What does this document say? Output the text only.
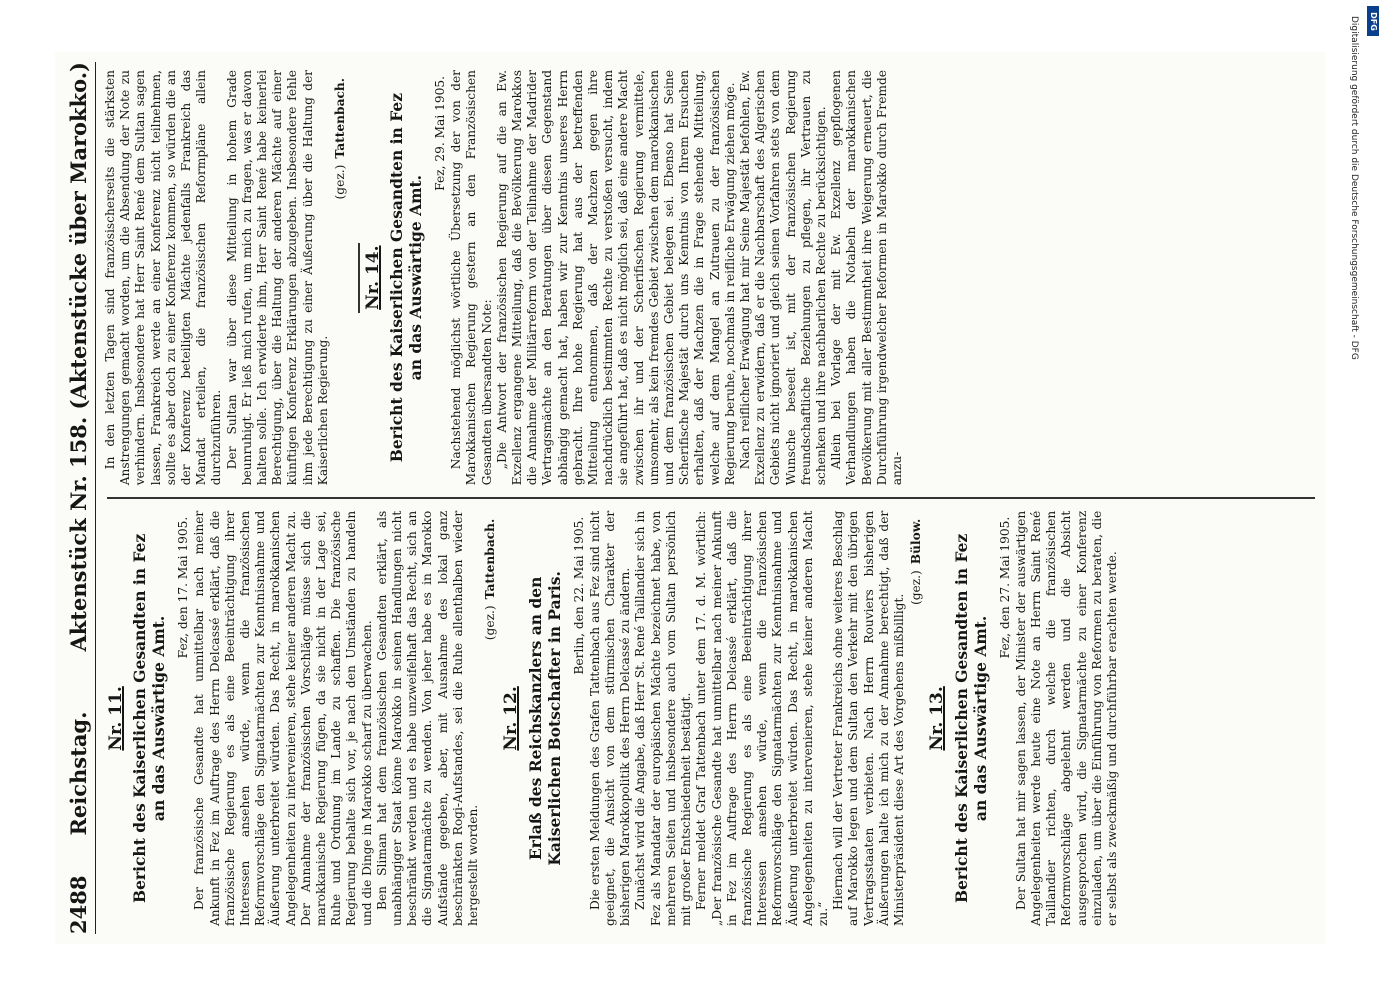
2488
Reichstag.
Aktenstück Nr. 158. (Aktenstücke über Marokko.)
Nr. 11. Bericht des Kaiserlichen Gesandten in Fez an das Auswärtige Amt.
Fez, den 17. Mai 1905. Der französische Gesandte hat unmittelbar nach meiner Ankunft in Fez im Auftrage des Herrn Delcassé erklärt, daß die französische Regierung es als eine Beeinträchtigung ihrer Interessen ansehen würde, wenn die französischen Reformvorschläge den Signatarmächten zur Kenntnisnahme und Äußerung unterbreitet würden. Das Recht, in marokkanischen Angelegenheiten zu intervenieren, stehe keiner anderen Macht zu. Der Annahme der französischen Vorschläge müsse sich die marokkanische Regierung fügen, da sie nicht in der Lage sei, Ruhe und Ordnung im Lande zu schaffen. Die französische Regierung behalte sich vor, je nach den Umständen zu handeln und die Dinge in Marokko scharf zu überwachen. Ben Sliman hat dem französischen Gesandten erklärt, als unabhängiger Staat könne Marokko in seinen Handlungen nicht beschränkt werden und es habe unzweifelhaft das Recht, sich an die Signatarmächte zu wenden. Von jeher habe es in Marokko Aufstände gegeben, aber, mit Ausnahme des lokal ganz beschränkten Rogi-Aufstandes, sei die Ruhe allenthalben wieder hergestellt worden.

(gez.)Tattenbach.
Nr. 12. Erlaß des Reichskanzlers an den Kaiserlichen Botschafter in Paris. Berlin, den 22. Mai 1905. Die ersten Meldungen des Grafen Tattenbach aus Fez sind nicht geeignet, die Ansicht von dem stürmischen Charakter der bisherigen Marokkopolitik des Herrn Delcassé zu ändern. Zunächst wird die Angabe, daß Herr St. René Taillandier sich in Fez als Mandatar der europäischen Mächte bezeichnet habe, von mehreren Seiten und insbesondere auch vom Sultan persönlich mit großer Entschiedenheit bestätigt. Ferner meldet Graf Tattenbach unter dem 17. d. M. wörtlich: „Der französische Gesandte hat unmittelbar nach meiner Ankunft in Fez im Auftrage des Herrn Delcassé erklärt, daß die französische Regierung es als eine Beeinträchtigung ihrer Interessen ansehen würde, wenn die französischen Reformvorschläge den Signatarmächten zur Kenntnisnahme und Äußerung unterbreitet würden. Das Recht, in marokkanischen Angelegenheiten zu intervenieren, stehe keiner anderen Macht zu.“

Hiernach will der Vertreter Frankreichs ohne weiteres Beschlag auf Marokko legen und dem Sultan den Verkehr mit den übrigen Vertragsstaaten verbieten. Nach Herrn Rouviers bisherigen Äußerungen halte ich mich zu der Annahme berechtigt, daß der Ministerpräsident diese Art des Vorgehens mißbilligt.

(gez.)Bülow.
Nr. 13. Bericht des Kaiserlichen Gesandten in Fez an das Auswärtige Amt.
Fez, den 27. Mai 1905. Der Sultan hat mir sagen lassen, der Minister der auswärtigen Angelegenheiten werde heute eine Note an Herrn Saint René Taillandier richten, durch welche die französischen Reformvorschläge abgelehnt werden und die Absicht ausgesprochen wird, die Signatarmächte zu einer Konferenz einzuladen, um über die Einführung von Reformen zu beraten, die er selbst als zweckmäßig und durchführbar erachten werde.

In den letzten Tagen sind französischerseits die stärksten Anstrengungen gemacht worden, um die Absendung der Note zu verhindern. Insbesondere hat Herr Saint René dem Sultan sagen lassen, Frankreich werde an einer Konferenz nicht teilnehmen, sollte es aber doch zu einer Konferenz kommen, so würden die an der Konferenz beteiligten Mächte jedenfalls Frankreich das Mandat erteilen, die französischen Reformpläne allein durchzuführen. Der Sultan war über diese Mitteilung in hohem Grade beunruhigt. Er ließ mich rufen, um mich zu fragen, was er davon halten solle. Ich erwiderte ihm, Herr Saint René habe keinerlei Berechtigung, über die Haltung der anderen Mächte auf einer künftigen Konferenz Erklärungen abzugeben. Insbesondere fehle ihm jede Berechtigung zu einer Äußerung über die Haltung der Kaiserlichen Regierung.

(gez.)Tattenbach.
Nr. 14. Bericht des Kaiserlichen Gesandten in Fez an das Auswärtige Amt.
Fez, 29. Mai 1905. Nachstehend möglichst wörtliche Übersetzung der von der Marokkanischen Regierung gestern an den Französischen Gesandten übersandten Note: „Die Antwort der französischen Regierung auf die an Ew. Exzellenz ergangene Mitteilung, daß die Bevölkerung Marokkos die Annahme der Militärreform von der Teilnahme der Madrider Vertragsmächte an den Beratungen über diesen Gegenstand abhängig gemacht hat, haben wir zur Kenntnis unseres Herrn gebracht. Ihre hohe Regierung hat aus der betreffenden Mitteilung entnommen, daß der Machzen gegen ihre nachdrücklich bestimmten Rechte zu verstoßen versucht, indem sie angeführt hat, daß es nicht möglich sei, daß eine andere Macht zwischen ihr und der Scherifischen Regierung vermittele, umsomehr, als kein fremdes Gebiet zwischen dem marokkanischen und dem französischen Gebiet belegen sei. Ebenso hat Seine Scherifische Majestät durch uns Kenntnis von Ihrem Ersuchen erhalten, daß der Machzen die in Frage stehende Mitteilung, welche auf dem Mangel an Zutrauen zu der französischen Regierung beruhe, nochmals in reifliche Erwägung ziehen möge. Nach reiflicher Erwägung hat mir Seine Majestät befohlen, Ew. Exzellenz zu erwidern, daß er die Nachbarschaft des Algerischen Gebiets nicht ignoriert und gleich seinen Vorfahren stets von dem Wunsche beseelt ist, mit der französischen Regierung freundschaftliche Beziehungen zu pflegen, ihr Vertrauen zu schenken und ihre nachbarlichen Rechte zu berücksichtigen. Allein bei Vorlage der mit Ew. Exzellenz gepflogenen Verhandlungen haben die Notabeln der marokkanischen Bevölkerung mit aller Bestimmtheit ihre Weigerung erneuert, die Durchführung irgendwelcher Reformen in Marokko durch Fremde anzu-

Digitalisierung gefördert durch die Deutsche Forschungsgemeinschaft - DFG DFG
